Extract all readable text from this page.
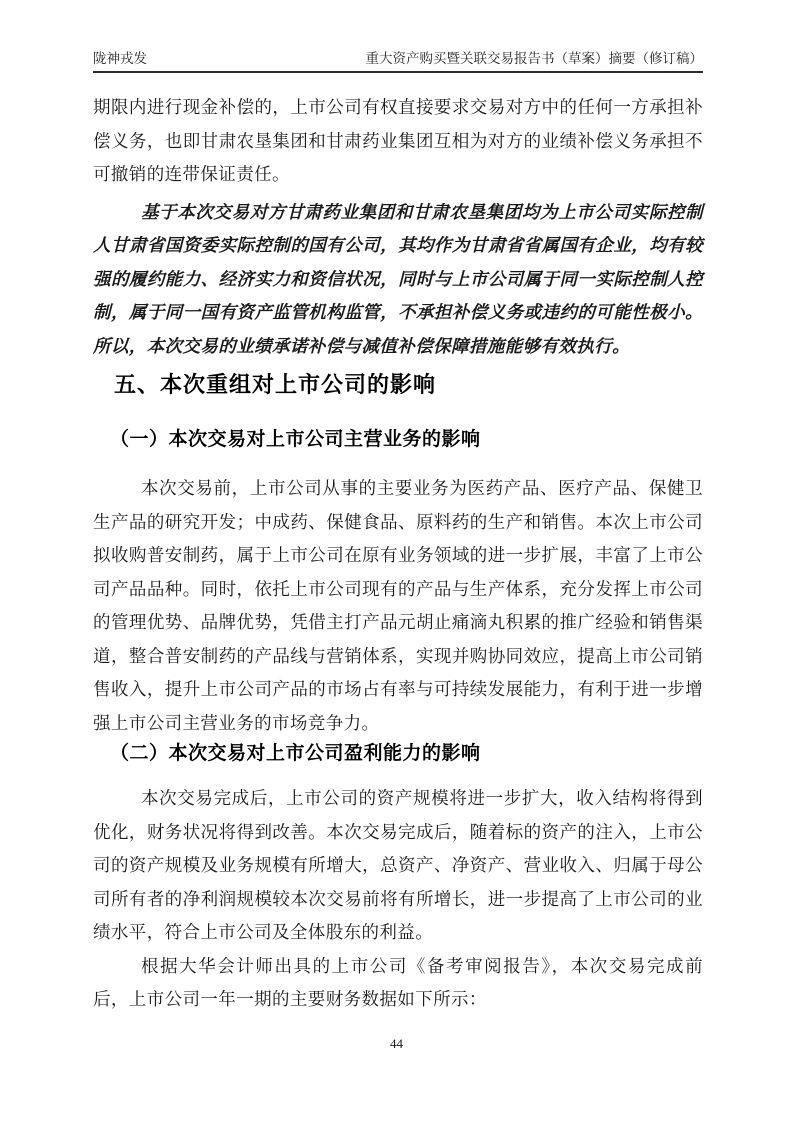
陇神戎发	重大资产购买暨关联交易报告书（草案）摘要（修订稿）

期限内进行现金补偿的，上市公司有权直接要求交易对方中的任何一方承担补偿义务，也即甘肃农垦集团和甘肃药业集团互相为对方的业绩补偿义务承担不可撤销的连带保证责任。

基于本次交易对方甘肃药业集团和甘肃农垦集团均为上市公司实际控制人甘肃省国资委实际控制的国有公司，其均作为甘肃省省属国有企业，均有较强的履约能力、经济实力和资信状况，同时与上市公司属于同一实际控制人控制，属于同一国有资产监管机构监管，不承担补偿义务或违约的可能性极小。所以，本次交易的业绩承诺补偿与减值补偿保障措施能够有效执行。

五、本次重组对上市公司的影响
（一）本次交易对上市公司主营业务的影响

本次交易前，上市公司从事的主要业务为医药产品、医疗产品、保健卫生产品的研究开发；中成药、保健食品、原料药的生产和销售。本次上市公司拟收购普安制药，属于上市公司在原有业务领域的进一步扩展，丰富了上市公司产品品种。同时，依托上市公司现有的产品与生产体系，充分发挥上市公司的管理优势、品牌优势，凭借主打产品元胡止痛滴丸积累的推广经验和销售渠道，整合普安制药的产品线与营销体系，实现并购协同效应，提高上市公司销售收入，提升上市公司产品的市场占有率与可持续发展能力，有利于进一步增强上市公司主营业务的市场竞争力。

（二）本次交易对上市公司盈利能力的影响

本次交易完成后，上市公司的资产规模将进一步扩大，收入结构将得到优化，财务状况将得到改善。本次交易完成后，随着标的资产的注入，上市公司的资产规模及业务规模有所增大，总资产、净资产、营业收入、归属于母公司所有者的净利润规模较本次交易前将有所增长，进一步提高了上市公司的业绩水平，符合上市公司及全体股东的利益。

根据大华会计师出具的上市公司《备考审阅报告》，本次交易完成前后，上市公司一年一期的主要财务数据如下所示：

44
